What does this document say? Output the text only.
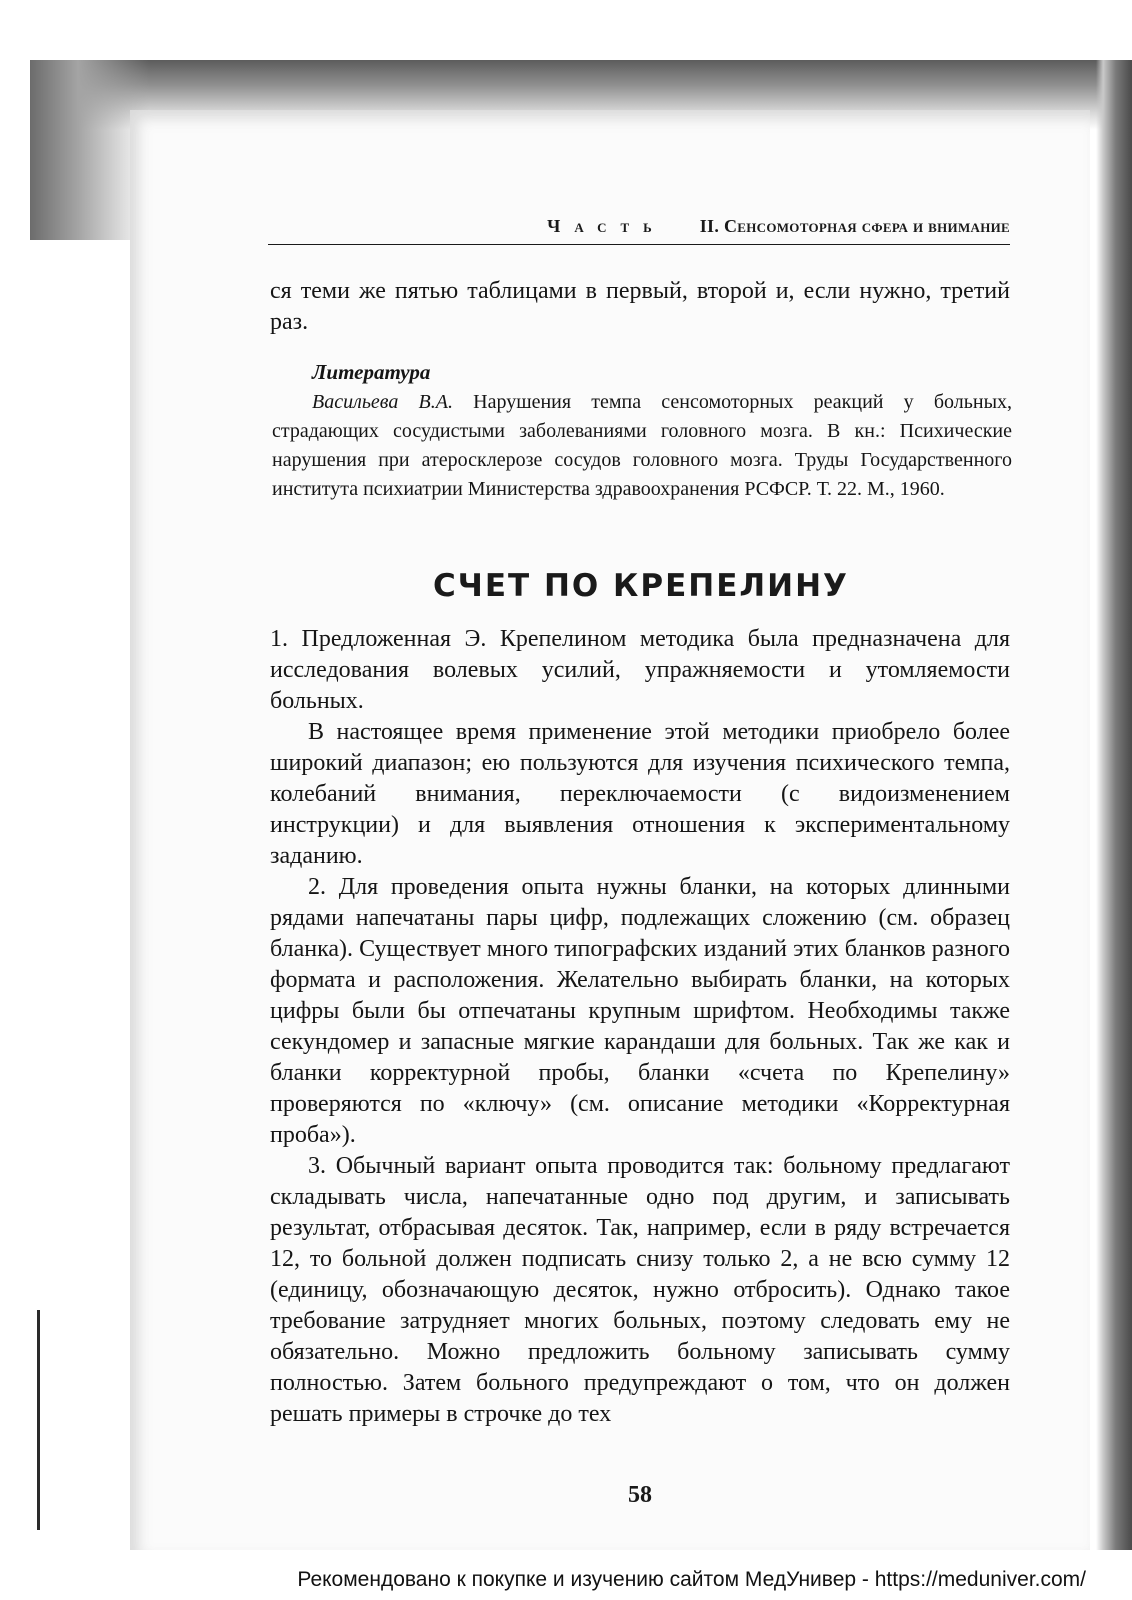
Часть II. Сенсомоторная сфера и внимание

ся теми же пятью таблицами в первый, второй и, если нужно, третий раз.

Литература

Васильева В.А. Нарушения темпа сенсомоторных реакций у больных, страдающих сосудистыми заболеваниями головного мозга. В кн.: Психические нарушения при атеросклерозе сосудов головного мозга. Труды Государственного института психиатрии Министерства здравоохранения РСФСР. Т. 22. М., 1960.

СЧЕТ ПО КРЕПЕЛИНУ

1. Предложенная Э. Крепелином методика была предназначена для исследования волевых усилий, упражняемости и утомляемости больных.

В настоящее время применение этой методики приобрело более широкий диапазон; ею пользуются для изучения психического темпа, колебаний внимания, переключаемости (с видоизменением инструкции) и для выявления отношения к экспериментальному заданию.

2. Для проведения опыта нужны бланки, на которых длинными рядами напечатаны пары цифр, подлежащих сложению (см. образец бланка). Существует много типографских изданий этих бланков разного формата и расположения. Желательно выбирать бланки, на которых цифры были бы отпечатаны крупным шрифтом. Необходимы также секундомер и запасные мягкие карандаши для больных. Так же как и бланки корректурной пробы, бланки «счета по Крепелину» проверяются по «ключу» (см. описание методики «Корректурная проба»).

3. Обычный вариант опыта проводится так: больному предлагают складывать числа, напечатанные одно под другим, и записывать результат, отбрасывая десяток. Так, например, если в ряду встречается 12, то больной должен подписать снизу только 2, а не всю сумму 12 (единицу, обозначающую десяток, нужно отбросить). Однако такое требование затрудняет многих больных, поэтому следовать ему не обязательно. Можно предложить больному записывать сумму полностью. Затем больного предупреждают о том, что он должен решать примеры в строчке до тех

58
Рекомендовано к покупке и изучению сайтом МедУнивер - https://meduniver.com/
